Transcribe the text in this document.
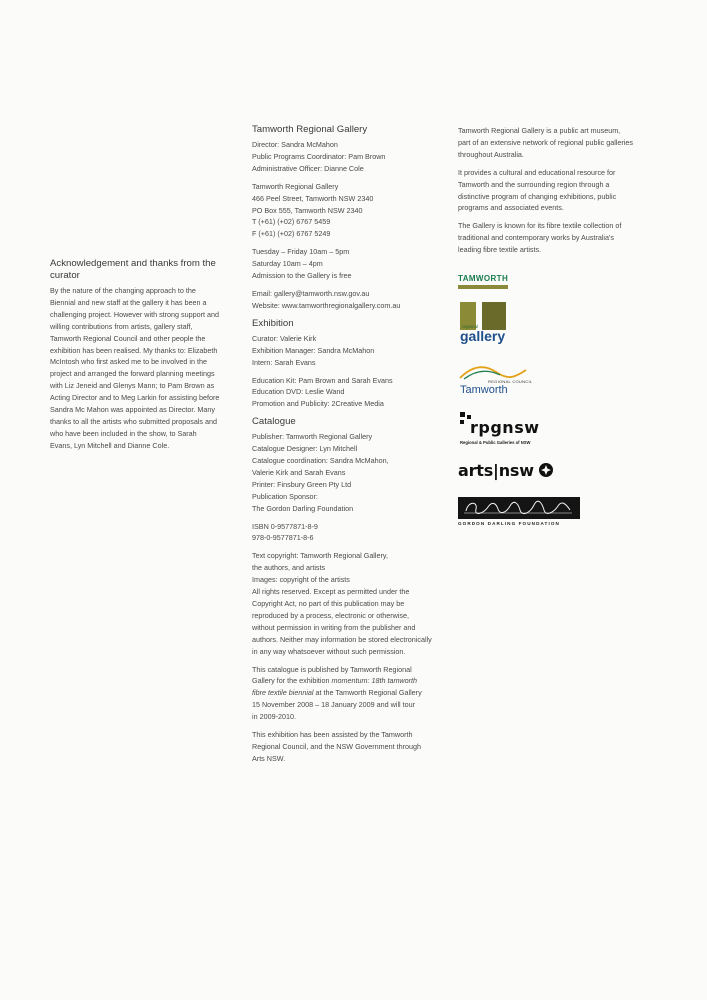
Acknowledgement and thanks from the curator
By the nature of the changing approach to the Biennial and new staff at the gallery it has been a challenging project. However with strong support and willing contributions from artists, gallery staff, Tamworth Regional Council and other people the exhibition has been realised. My thanks to: Elizabeth McIntosh who first asked me to be involved in the project and arranged the forward planning meetings with Liz Jeneid and Glenys Mann; to Pam Brown as Acting Director and to Meg Larkin for assisting before Sandra Mc Mahon was appointed as Director. Many thanks to all the artists who submitted proposals and who have been included in the show, to Sarah Evans, Lyn Mitchell and Dianne Cole.
Tamworth Regional Gallery
Director: Sandra McMahon
Public Programs Coordinator: Pam Brown
Administrative Officer: Dianne Cole
Tamworth Regional Gallery
466 Peel Street, Tamworth NSW 2340
PO Box 555, Tamworth NSW 2340
T (+61) (+02) 6767 5459
F (+61) (+02) 6767 5249
Tuesday – Friday 10am – 5pm
Saturday 10am – 4pm
Admission to the Gallery is free
Email: gallery@tamworth.nsw.gov.au
Website: www.tamworthregionalgallery.com.au
Exhibition
Curator: Valerie Kirk
Exhibition Manager: Sandra McMahon
Intern: Sarah Evans
Education Kit: Pam Brown and Sarah Evans
Education DVD: Leslie Wand
Promotion and Publicity: 2Creative Media
Catalogue
Publisher: Tamworth Regional Gallery
Catalogue Designer: Lyn Mitchell
Catalogue coordination: Sandra McMahon,
Valerie Kirk and Sarah Evans
Printer: Finsbury Green Pty Ltd
Publication Sponsor:
The Gordon Darling Foundation
ISBN 0-9577871-8-9
978-0-9577871-8-6
Text copyright: Tamworth Regional Gallery,
the authors, and artists
Images: copyright of the artists
All rights reserved. Except as permitted under the
Copyright Act, no part of this publication may be
reproduced by a process, electronic or otherwise,
without permission in writing from the publisher and
authors. Neither may information be stored electronically
in any way whatsoever without such permission.
This catalogue is published by Tamworth Regional
Gallery for the exhibition momentum: 18th tamworth
fibre textile biennial at the Tamworth Regional Gallery
15 November 2008 – 18 January 2009 and will tour
in 2009-2010.
This exhibition has been assisted by the Tamworth
Regional Council, and the NSW Government through
Arts NSW.
Tamworth Regional Gallery is a public art museum,
part of an extensive network of regional public galleries
throughout Australia.
It provides a cultural and educational resource for
Tamworth and the surrounding region through a
distinctive program of changing exhibitions, public
programs and associated events.
The Gallery is known for its fibre textile collection of
traditional and contemporary works by Australia's
leading fibre textile artists.
TAMWORTH
regional
gallery
REGIONAL COUNCIL
Tamworth
rpgnsw
Regional & Public Galleries of NSW
arts|nsw
GORDON DARLING FOUNDATION
